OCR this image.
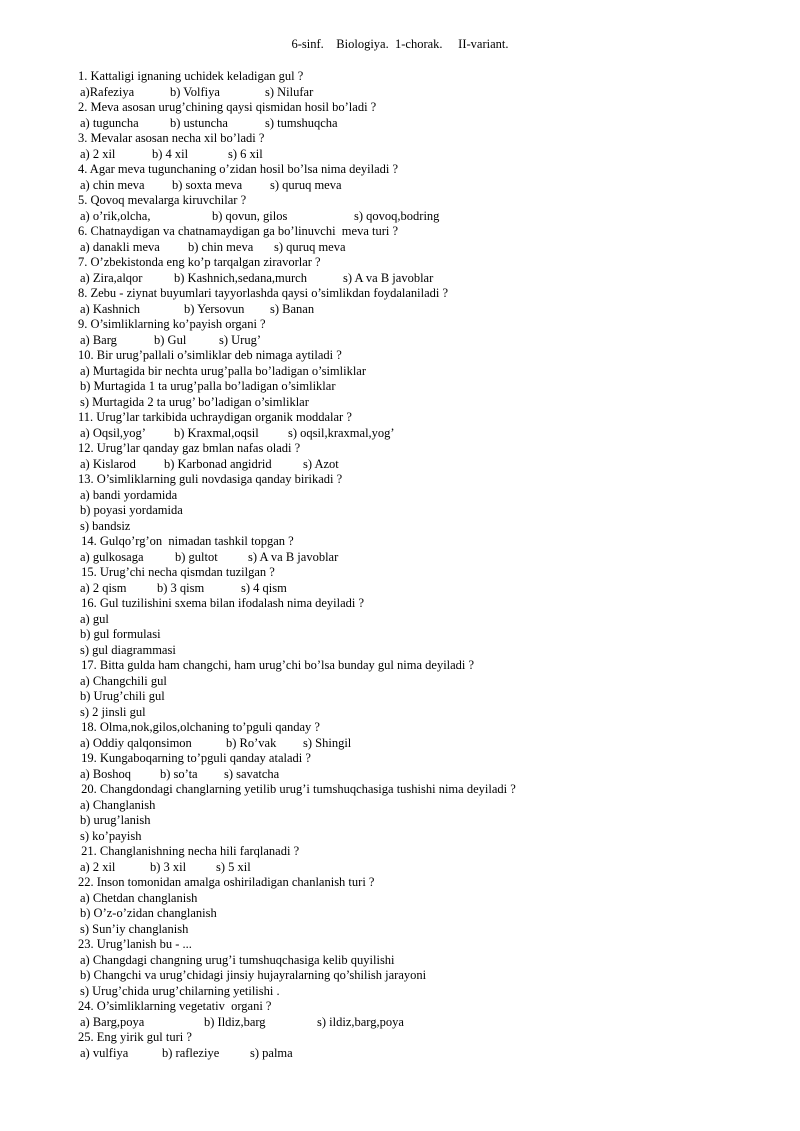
6-sinf.    Biologiya.  1-chorak.     II-variant.
1. Kattaligi ignaning uchidek keladigan gul ?
a)Rafeziya	b) Volfiya	s) Nilufar
2. Meva asosan urug’chining qaysi qismidan hosil bo’ladi ?
a) tuguncha	b) ustuncha	s) tumshuqcha
3. Mevalar asosan necha xil bo’ladi ?
a) 2 xil	b) 4 xil	s) 6 xil
4. Agar meva tugunchaning o’zidan hosil bo’lsa nima deyiladi ?
a) chin meva b) soxta meva s) quruq meva
5. Qovoq mevalarga kiruvchilar ?
a) o’rik,olcha,	b) qovun, gilos	s) qovoq,bodring
6. Chatnaydigan va chatnamaydigan ga bo’linuvchi  meva turi ?
a) danakli meva b) chin meva s) quruq meva
7. O’zbekistonda eng ko’p tarqalgan ziravorlar ?
a) Zira,alqor	b) Kashnich,sedana,murch	s) A va B javoblar
8. Zebu - ziynat buyumlari tayyorlashda qaysi o’simlikdan foydalaniladi ?
a) Kashnich	b) Yersovun s) Banan
9. O’simliklarning ko’payish organi ?
a) Barg	b) Gul	s) Urug’
10. Bir urug’pallali o’simliklar deb nimaga aytiladi ?
a) Murtagida bir nechta urug’palla bo’ladigan o’simliklar
b) Murtagida 1 ta urug’palla bo’ladigan o’simliklar
s) Murtagida 2 ta urug’ bo’ladigan o’simliklar
11. Urug’lar tarkibida uchraydigan organik moddalar ?
a) Oqsil,yog’ b) Kraxmal,oqsil s) oqsil,kraxmal,yog’
12. Urug’lar qanday gaz bmlan nafas oladi ?
a) Kislarod b) Karbonad angidrid	s) Azot
13. O’simliklarning guli novdasiga qanday birikadi ?
a) bandi yordamida
b) poyasi yordamida
s) bandsiz
14. Gulqo’rg’on  nimadan tashkil topgan ?
a) gulkosaga	b) gultot s) A va B javoblar
15. Urug’chi necha qismdan tuzilgan ?
a) 2 qism b) 3 qism	s) 4 qism
16. Gul tuzilishini sxema bilan ifodalash nima deyiladi ?
a) gul
b) gul formulasi
s) gul diagrammasi
17. Bitta gulda ham changchi, ham urug’chi bo’lsa bunday gul nima deyiladi ?
a) Changchili gul
b) Urug’chili gul
s) 2 jinsli gul
18. Olma,nok,gilos,olchaning to’pguli qanday ?
a) Oddiy qalqonsimon	b) Ro’vak s) Shingil
19. Kungaboqarning to’pguli qanday ataladi ?
a) Boshoq b) so’ta s) savatcha
20. Changdondagi changlarning yetilib urug’i tumshuqchasiga tushishi nima deyiladi ?
a) Changlanish
b) urug’lanish
s) ko’payish
21. Changlanishning necha hili farqlanadi ?
a) 2 xil	b) 3 xil s) 5 xil
22. Inson tomonidan amalga oshiriladigan chanlanish turi ?
a) Chetdan changlanish
b) O’z-o’zidan changlanish
s) Sun’iy changlanish
23. Urug’lanish bu - ...
a) Changdagi changning urug’i tumshuqchasiga kelib quyilishi
b) Changchi va urug’chidagi jinsiy hujayralarning qo’shilish jarayoni
s) Urug’chida urug’chilarning yetilishi .
24. O’simliklarning vegetativ  organi ?
a) Barg,poya	b) Ildiz,barg	s) ildiz,barg,poya
25. Eng yirik gul turi ?
a) vulfiya	b) rafleziye s) palma
